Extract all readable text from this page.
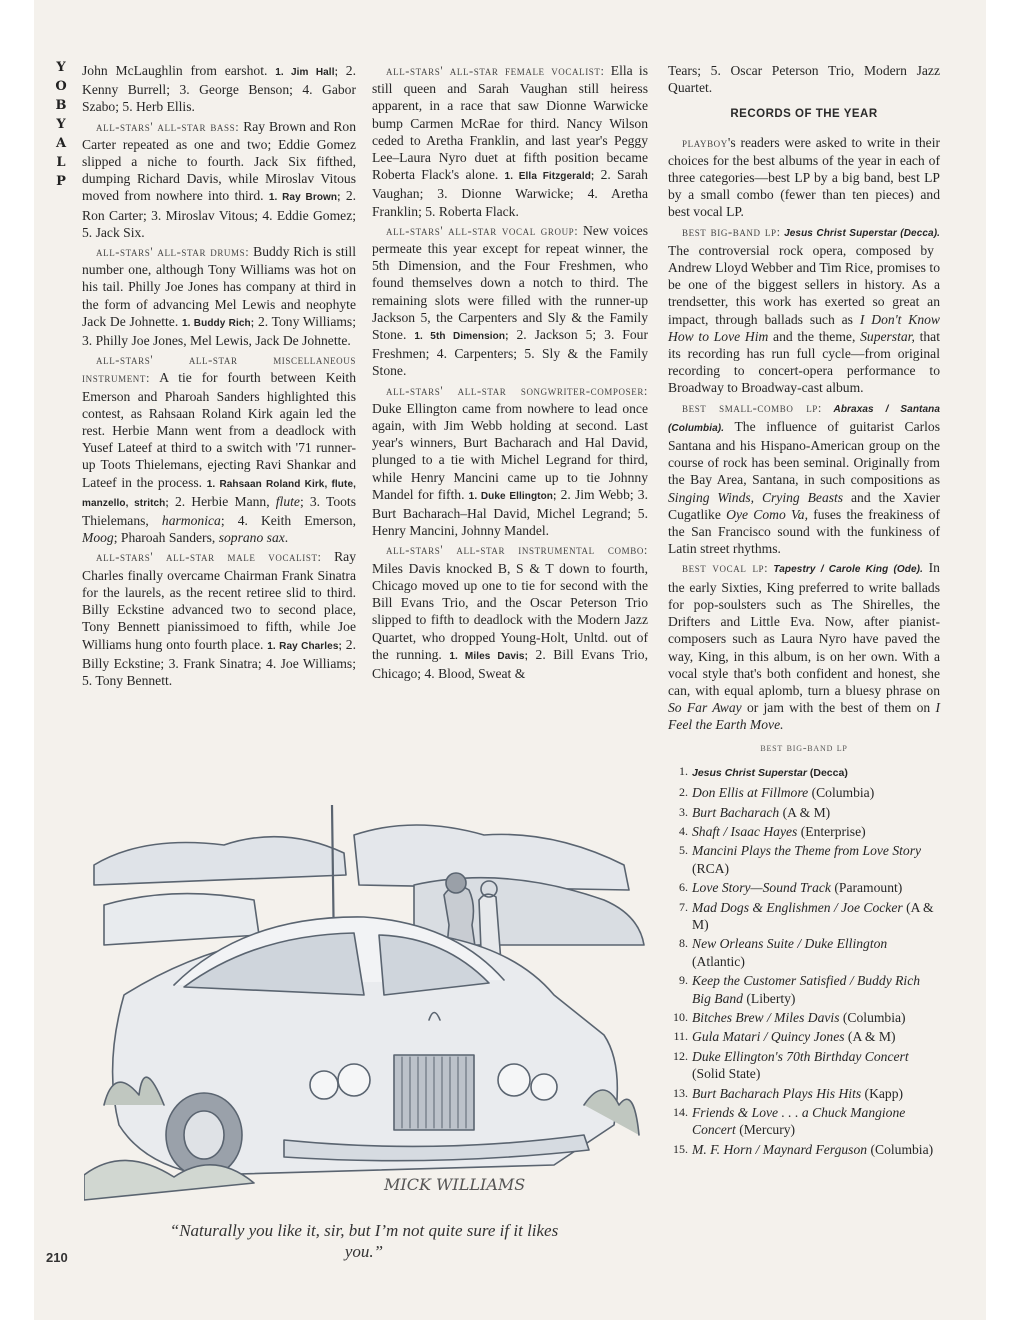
Y
O
B
Y
A
L
P

John McLaughlin from earshot. 1. Jim Hall; 2. Kenny Burrell; 3. George Benson; 4. Gabor Szabo; 5. Herb Ellis.

all-stars' all-star bass: Ray Brown and Ron Carter repeated as one and two; Eddie Gomez slipped a niche to fourth. Jack Six fifthed, dumping Richard Davis, while Miroslav Vitous moved from nowhere into third. 1. Ray Brown; 2. Ron Carter; 3. Miroslav Vitous; 4. Eddie Gomez; 5. Jack Six.

all-stars' all-star drums: Buddy Rich is still number one, although Tony Williams was hot on his tail. Philly Joe Jones has company at third in the form of advancing Mel Lewis and neophyte Jack De Johnette. 1. Buddy Rich; 2. Tony Williams; 3. Philly Joe Jones, Mel Lewis, Jack De Johnette.

all-stars' all-star miscellaneous instrument: A tie for fourth between Keith Emerson and Pharoah Sanders highlighted this contest, as Rahsaan Roland Kirk again led the rest. Herbie Mann went from a deadlock with Yusef Lateef at third to a switch with '71 runner-up Toots Thielemans, ejecting Ravi Shankar and Lateef in the process. 1. Rahsaan Roland Kirk, flute, manzello, stritch; 2. Herbie Mann, flute; 3. Toots Thielemans, harmonica; 4. Keith Emerson, Moog; Pharoah Sanders, soprano sax.

all-stars' all-star male vocalist: Ray Charles finally overcame Chairman Frank Sinatra for the laurels, as the recent retiree slid to third. Billy Eckstine advanced two to second place, Tony Bennett pianissimoed to fifth, while Joe Williams hung onto fourth place. 1. Ray Charles; 2. Billy Eckstine; 3. Frank Sinatra; 4. Joe Williams; 5. Tony Bennett.

all-stars' all-star female vocalist: Ella is still queen and Sarah Vaughan still heiress apparent, in a race that saw Dionne Warwicke bump Carmen McRae for third. Nancy Wilson ceded to Aretha Franklin, and last year's Peggy Lee–Laura Nyro duet at fifth position became Roberta Flack's alone. 1. Ella Fitzgerald; 2. Sarah Vaughan; 3. Dionne Warwicke; 4. Aretha Franklin; 5. Roberta Flack.

all-stars' all-star vocal group: New voices permeate this year except for repeat winner, the 5th Dimension, and the Four Freshmen, who found themselves down a notch to third. The remaining slots were filled with the runner-up Jackson 5, the Carpenters and Sly & the Family Stone. 1. 5th Dimension; 2. Jackson 5; 3. Four Freshmen; 4. Carpenters; 5. Sly & the Family Stone.

all-stars' all-star songwriter-composer: Duke Ellington came from nowhere to lead once again, with Jim Webb holding at second. Last year's winners, Burt Bacharach and Hal David, plunged to a tie with Michel Legrand for third, while Henry Mancini came up to tie Johnny Mandel for fifth. 1. Duke Ellington; 2. Jim Webb; 3. Burt Bacharach–Hal David, Michel Legrand; 5. Henry Mancini, Johnny Mandel.

all-stars' all-star instrumental combo: Miles Davis knocked B, S & T down to fourth, Chicago moved up one to tie for second with the Bill Evans Trio, and the Oscar Peterson Trio slipped to fifth to deadlock with the Modern Jazz Quartet, who dropped Young-Holt, Unltd. out of the running. 1. Miles Davis; 2. Bill Evans Trio, Chicago; 4. Blood, Sweat &

Tears; 5. Oscar Peterson Trio, Modern Jazz Quartet.

RECORDS OF THE YEAR

playboy's readers were asked to write in their choices for the best albums of the year in each of three categories—best LP by a big band, best LP by a small combo (fewer than ten pieces) and best vocal LP.

best big-band lp: Jesus Christ Superstar (Decca). The controversial rock opera, composed by Andrew Lloyd Webber and Tim Rice, promises to be one of the biggest sellers in history. As a trendsetter, this work has exerted so great an impact, through ballads such as I Don't Know How to Love Him and the theme, Superstar, that its recording has run full cycle—from original recording to concert-opera performance to Broadway to Broadway-cast album.

best small-combo lp: Abraxas / Santana (Columbia). The influence of guitarist Carlos Santana and his Hispano-American group on the course of rock has been seminal. Originally from the Bay Area, Santana, in such compositions as Singing Winds, Crying Beasts and the Xavier Cugatlike Oye Como Va, fuses the freakiness of the San Francisco sound with the funkiness of Latin street rhythms.

best vocal lp: Tapestry / Carole King (Ode). In the early Sixties, King preferred to write ballads for pop-soulsters such as The Shirelles, the Drifters and Little Eva. Now, after pianist-composers such as Laura Nyro have paved the way, King, in this album, is on her own. With a vocal style that's both confident and honest, she can, with equal aplomb, turn a bluesy phrase on So Far Away or jam with the best of them on I Feel the Earth Move.

best big-band lp
1. Jesus Christ Superstar (Decca)
2. Don Ellis at Fillmore (Columbia)
3. Burt Bacharach (A & M)
4. Shaft / Isaac Hayes (Enterprise)
5. Mancini Plays the Theme from Love Story (RCA)
6. Love Story—Sound Track (Paramount)
7. Mad Dogs & Englishmen / Joe Cocker (A & M)
8. New Orleans Suite / Duke Ellington (Atlantic)
9. Keep the Customer Satisfied / Buddy Rich Big Band (Liberty)
10. Bitches Brew / Miles Davis (Columbia)
11. Gula Matari / Quincy Jones (A & M)
12. Duke Ellington's 70th Birthday Concert (Solid State)
13. Burt Bacharach Plays His Hits (Kapp)
14. Friends & Love . . . a Chuck Mangione Concert (Mercury)
15. M. F. Horn / Maynard Ferguson (Columbia)
MICK WILLIAMS
“Naturally you like it, sir, but I’m not quite sure if it likes you.”
210
